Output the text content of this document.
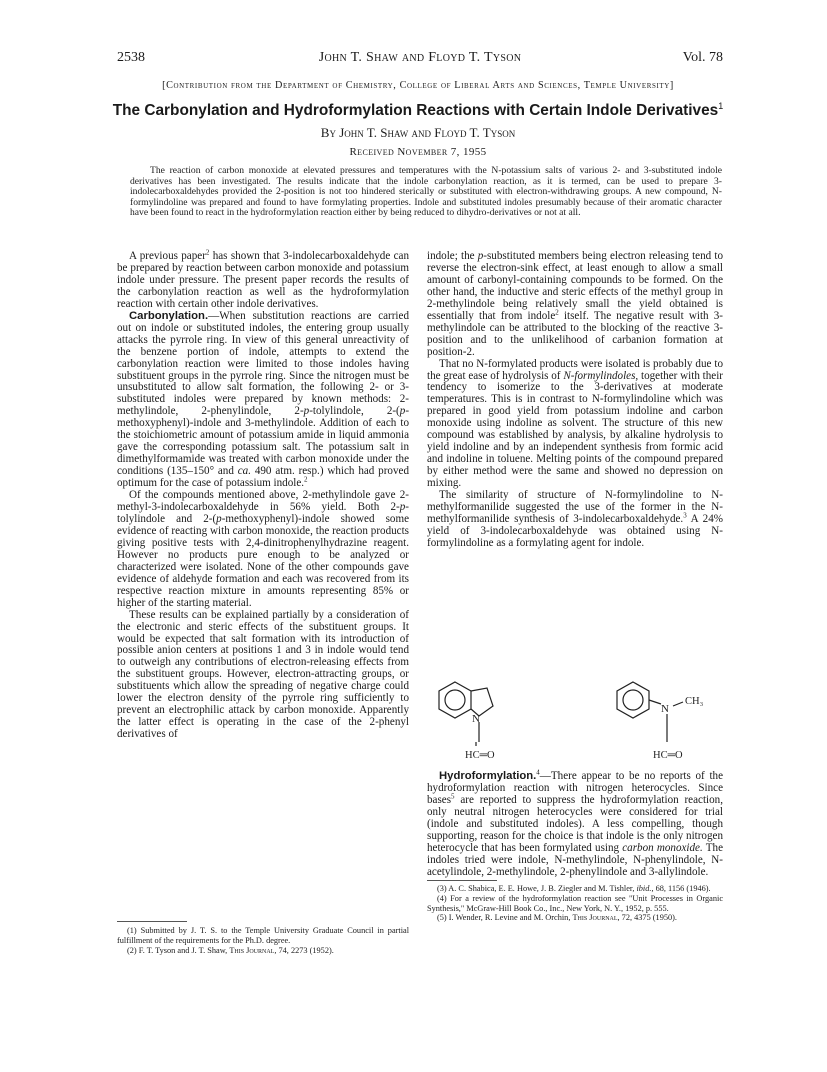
2538	John T. Shaw and Floyd T. Tyson	Vol. 78
[Contribution from the Department of Chemistry, College of Liberal Arts and Sciences, Temple University]
The Carbonylation and Hydroformylation Reactions with Certain Indole Derivatives$^1$
By John T. Shaw and Floyd T. Tyson
Received November 7, 1955
The reaction of carbon monoxide at elevated pressures and temperatures with the N-potassium salts of various 2- and 3-substituted indole derivatives has been investigated. The results indicate that the indole carbonylation reaction, as it is termed, can be used to prepare 3-indolecarboxaldehydes provided the 2-position is not too hindered sterically or substituted with electron-withdrawing groups. A new compound, N-formylindoline was prepared and found to have formylating properties. Indole and substituted indoles presumably because of their aromatic character have been found to react in the hydroformylation reaction either by being reduced to dihydro-derivatives or not at all.

A previous paper$^2$ has shown that 3-indolecarboxaldehyde can be prepared by reaction between carbon monoxide and potassium indole under pressure. The present paper records the results of the carbonylation reaction as well as the hydroformylation reaction with certain other indole derivatives.

Carbonylation.—When substitution reactions are carried out on indole or substituted indoles, the entering group usually attacks the pyrrole ring. In view of this general unreactivity of the benzene portion of indole, attempts to extend the carbonylation reaction were limited to those indoles having substituent groups in the pyrrole ring. Since the nitrogen must be unsubstituted to allow salt formation, the following 2- or 3-substituted indoles were prepared by known methods: 2-methylindole, 2-phenylindole, 2-p-tolylindole, 2-(p-methoxyphenyl)-indole and 3-methylindole. Addition of each to the stoichiometric amount of potassium amide in liquid ammonia gave the corresponding potassium salt. The potassium salt in dimethylformamide was treated with carbon monoxide under the conditions (135–150° and ca. 490 atm. resp.) which had proved optimum for the case of potassium indole.$^2$

Of the compounds mentioned above, 2-methylindole gave 2-methyl-3-indolecarboxaldehyde in 56% yield. Both 2-p-tolylindole and 2-(p-methoxyphenyl)-indole showed some evidence of reacting with carbon monoxide, the reaction products giving positive tests with 2,4-dinitrophenylhydrazine reagent. However no products pure enough to be analyzed or characterized were isolated. None of the other compounds gave evidence of aldehyde formation and each was recovered from its respective reaction mixture in amounts representing 85% or higher of the starting material.

These results can be explained partially by a consideration of the electronic and steric effects of the substituent groups. It would be expected that salt formation with its introduction of possible anion centers at positions 1 and 3 in indole would tend to outweigh any contributions of electron-releasing effects from the substituent groups. However, electron-attracting groups, or substituents which allow the spreading of negative charge could lower the electron density of the pyrrole ring sufficiently to prevent an electrophilic attack by carbon monoxide. Apparently the latter effect is operating in the case of the 2-phenyl derivatives of

(1) Submitted by J. T. S. to the Temple University Graduate Council in partial fulfillment of the requirements for the Ph.D. degree.

(2) F. T. Tyson and J. T. Shaw, This Journal, 74, 2273 (1952).

indole; the p-substituted members being electron releasing tend to reverse the electron-sink effect, at least enough to allow a small amount of carbonyl-containing compounds to be formed. On the other hand, the inductive and steric effects of the methyl group in 2-methylindole being relatively small the yield obtained is essentially that from indole$^2$ itself. The negative result with 3-methylindole can be attributed to the blocking of the reactive 3-position and to the unlikelihood of carbanion formation at position-2.

That no N-formylated products were isolated is probably due to the great ease of hydrolysis of N-formylindoles, together with their tendency to isomerize to the 3-derivatives at moderate temperatures. This is in contrast to N-formylindoline which was prepared in good yield from potassium indoline and carbon monoxide using indoline as solvent. The structure of this new compound was established by analysis, by alkaline hydrolysis to yield indoline and by an independent synthesis from formic acid and indoline in toluene. Melting points of the compound prepared by either method were the same and showed no depression on mixing.

The similarity of structure of N-formylindoline to N-methylformanilide suggested the use of the former in the N-methylformanilide synthesis of 3-indolecarboxaldehyde.$^3$ A 24% yield of 3-indolecarboxaldehyde was obtained using N-formylindoline as a formylating agent for indole.

N
HC═O
N
CH₃
HC═O

Hydroformylation.$^4$—There appear to be no reports of the hydroformylation reaction with nitrogen heterocycles. Since bases$^5$ are reported to suppress the hydroformylation reaction, only neutral nitrogen heterocycles were considered for trial (indole and substituted indoles). A less compelling, though supporting, reason for the choice is that indole is the only nitrogen heterocycle that has been formylated using carbon monoxide. The indoles tried were indole, N-methylindole, N-phenylindole, N-acetylindole, 2-methylindole, 2-phenylindole and 3-allylindole.

(3) A. C. Shabica, E. E. Howe, J. B. Ziegler and M. Tishler, ibid., 68, 1156 (1946).

(4) For a review of the hydroformylation reaction see "Unit Processes in Organic Synthesis," McGraw-Hill Book Co., Inc., New York, N. Y., 1952, p. 555.

(5) I. Wender, R. Levine and M. Orchin, This Journal, 72, 4375 (1950).
